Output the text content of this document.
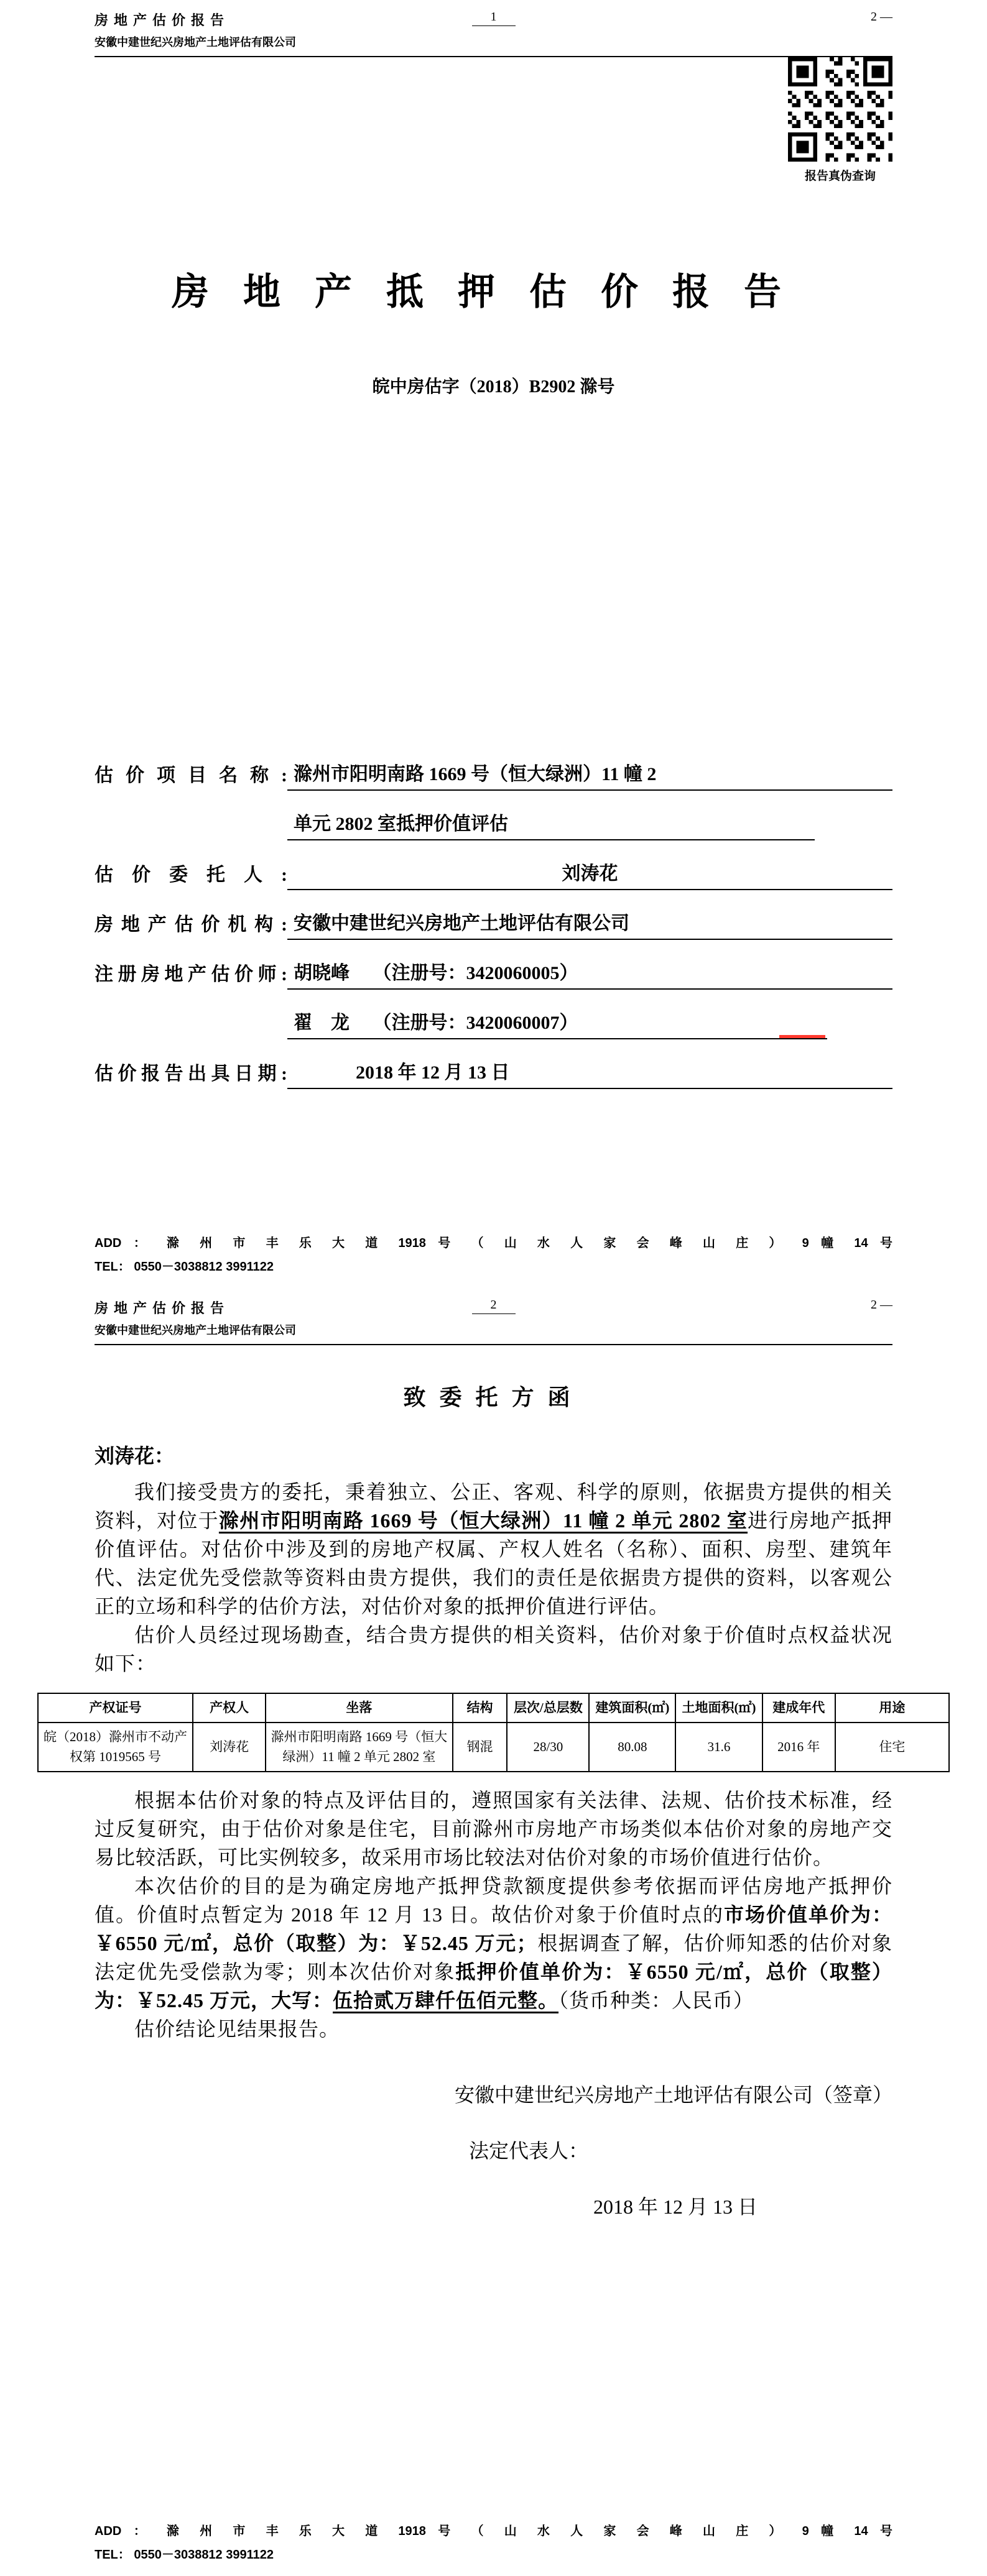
房地产估价报告
安徽中建世纪兴房地产土地评估有限公司
1	2 —
报告真伪查询
房地产抵押估价报告
皖中房估字（2018）B2902 滁号
估价项目名称: 滁州市阳明南路 1669 号（恒大绿洲）11 幢 2
单元 2802 室抵押价值评估
估价委托人:	刘涛花
房地产估价机构: 安徽中建世纪兴房地产土地评估有限公司
注册房地产估价师: 胡晓峰　 （注册号：3420060005）
翟　龙　 （注册号：3420060007）
估价报告出具日期:	2018 年 12 月 13 日
ADD ： 滁 州 市 丰 乐 大 道 1918 号 （ 山 水 人 家 会 峰 山 庄 ） 9 幢 14 号
TEL： 0550－3038812 3991122
房地产估价报告
安徽中建世纪兴房地产土地评估有限公司
2	2 —
致委托方函
刘涛花：

我们接受贵方的委托，秉着独立、公正、客观、科学的原则，依据贵方提供的相关资料，对位于滁州市阳明南路 1669 号（恒大绿洲）11 幢 2 单元 2802 室进行房地产抵押价值评估。对估价中涉及到的房地产权属、产权人姓名（名称）、面积、房型、建筑年代、法定优先受偿款等资料由贵方提供，我们的责任是依据贵方提供的资料，以客观公正的立场和科学的估价方法，对估价对象的抵押价值进行评估。

估价人员经过现场勘查，结合贵方提供的相关资料，估价对象于价值时点权益状况如下：

产权证号	产权人	坐落	结构	层次/总层数	建筑面积(㎡)	土地面积(㎡)	建成年代	用途
皖（2018）滁州市不动产权第 1019565 号	刘涛花	滁州市阳明南路 1669 号（恒大绿洲）11 幢 2 单元 2802 室	钢混	28/30	80.08	31.6	2016 年	住宅

根据本估价对象的特点及评估目的，遵照国家有关法律、法规、估价技术标准，经过反复研究，由于估价对象是住宅，目前滁州市房地产市场类似本估价对象的房地产交易比较活跃，可比实例较多，故采用市场比较法对估价对象的市场价值进行估价。

本次估价的目的是为确定房地产抵押贷款额度提供参考依据而评估房地产抵押价值。价值时点暂定为 2018 年 12 月 13 日。故估价对象于价值时点的市场价值单价为：￥6550 元/㎡，总价（取整）为：￥52.45 万元；根据调查了解，估价师知悉的估价对象法定优先受偿款为零；则本次估价对象抵押价值单价为：￥6550 元/㎡，总价（取整）为：￥52.45 万元，大写：伍拾贰万肆仟伍佰元整。（货币种类：人民币）

估价结论见结果报告。

安徽中建世纪兴房地产土地评估有限公司（签章）
法定代表人：
2018 年 12 月 13 日
ADD ： 滁 州 市 丰 乐 大 道 1918 号 （ 山 水 人 家 会 峰 山 庄 ） 9 幢 14 号
TEL： 0550－3038812 3991122
